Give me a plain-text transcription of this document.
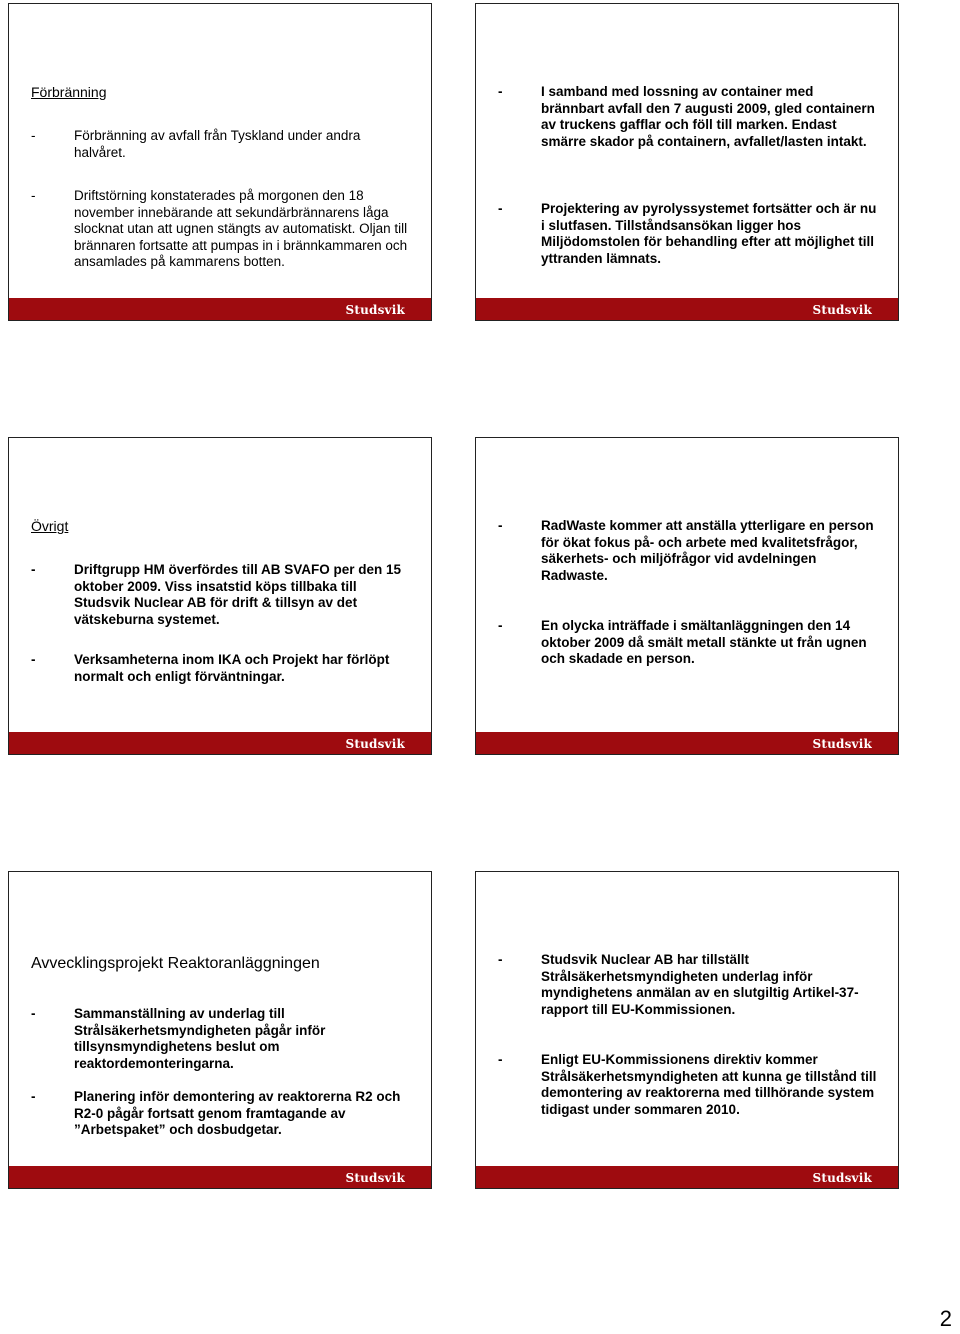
Förbränning
-	Förbränning av avfall från Tyskland under andra halvåret.
-	Driftstörning konstaterades på morgonen den 18 november innebärande att sekundärbrännarens låga slocknat utan att ugnen stängts av automatiskt. Oljan till brännaren fortsatte att pumpas in i brännkammaren och ansamlades på kammarens botten.
Studsvik
-	I samband med lossning av container med brännbart avfall den 7 augusti 2009, gled containern av truckens gafflar och föll till marken. Endast smärre skador på containern, avfallet/lasten intakt.
-	Projektering av pyrolyssystemet fortsätter och är nu i slutfasen. Tillståndsansökan ligger hos Miljödomstolen för behandling efter att möjlighet till yttranden lämnats.
Studsvik
Övrigt
-	Driftgrupp HM överfördes till AB SVAFO per den 15 oktober 2009. Viss insatstid köps tillbaka till Studsvik Nuclear AB för drift & tillsyn av det vätskeburna systemet.
-	Verksamheterna inom IKA och Projekt har förlöpt normalt och enligt förväntningar.
Studsvik
-	RadWaste kommer att anställa ytterligare en person för ökat fokus på- och arbete med kvalitetsfrågor, säkerhets- och miljöfrågor vid avdelningen Radwaste.
-	En olycka inträffade i smältanläggningen den 14 oktober 2009 då smält metall stänkte ut från ugnen och skadade en person.
Studsvik
Avvecklingsprojekt Reaktoranläggningen
-	Sammanställning av underlag till Strålsäkerhetsmyndigheten pågår inför tillsynsmyndighetens beslut om reaktordemonteringarna.
-	Planering inför demontering av reaktorerna R2 och R2-0 pågår fortsatt genom framtagande av ”Arbetspaket” och dosbudgetar.
Studsvik
-	Studsvik Nuclear AB har tillställt Strålsäkerhetsmyndigheten underlag inför myndighetens anmälan av en slutgiltig Artikel-37-rapport till EU-Kommissionen.
-	Enligt EU-Kommissionens direktiv kommer Strålsäkerhetsmyndigheten att kunna ge tillstånd till demontering av reaktorerna med tillhörande system tidigast under sommaren 2010.
Studsvik
2
